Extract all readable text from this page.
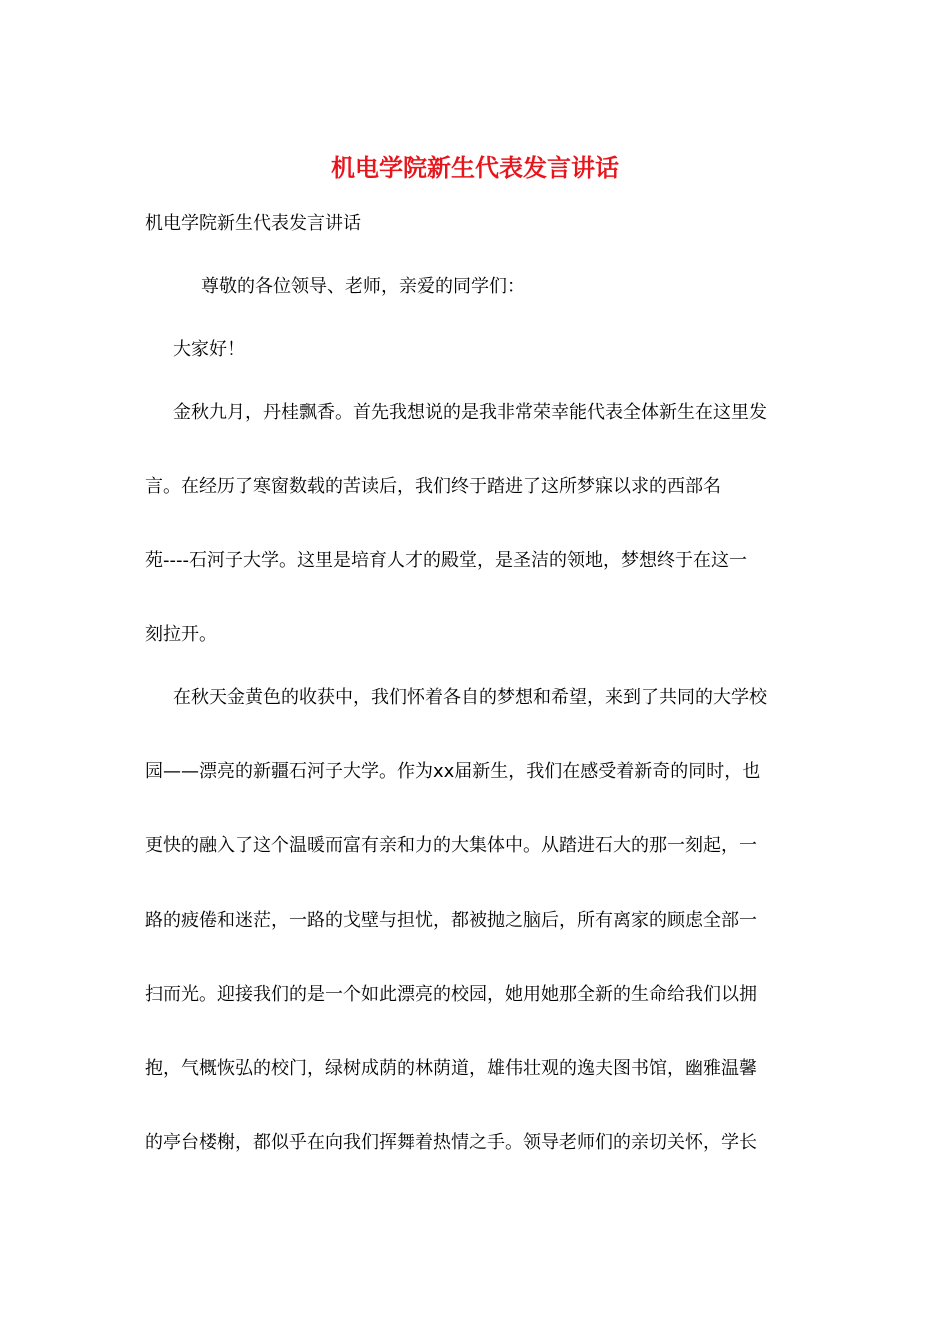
机电学院新生代表发言讲话
机电学院新生代表发言讲话
尊敬的各位领导、老师，亲爱的同学们：
大家好！
金秋九月，丹桂飘香。首先我想说的是我非常荣幸能代表全体新生在这里发
言。在经历了寒窗数载的苦读后，我们终于踏进了这所梦寐以求的西部名
苑----石河子大学。这里是培育人才的殿堂，是圣洁的领地，梦想终于在这一
刻拉开。
在秋天金黄色的收获中，我们怀着各自的梦想和希望，来到了共同的大学校
园——漂亮的新疆石河子大学。作为xx届新生，我们在感受着新奇的同时，也
更快的融入了这个温暖而富有亲和力的大集体中。从踏进石大的那一刻起，一
路的疲倦和迷茫，一路的戈壁与担忧，都被抛之脑后，所有离家的顾虑全部一
扫而光。迎接我们的是一个如此漂亮的校园，她用她那全新的生命给我们以拥
抱，气概恢弘的校门，绿树成荫的林荫道，雄伟壮观的逸夫图书馆，幽雅温馨
的亭台楼榭，都似乎在向我们挥舞着热情之手。领导老师们的亲切关怀，学长
